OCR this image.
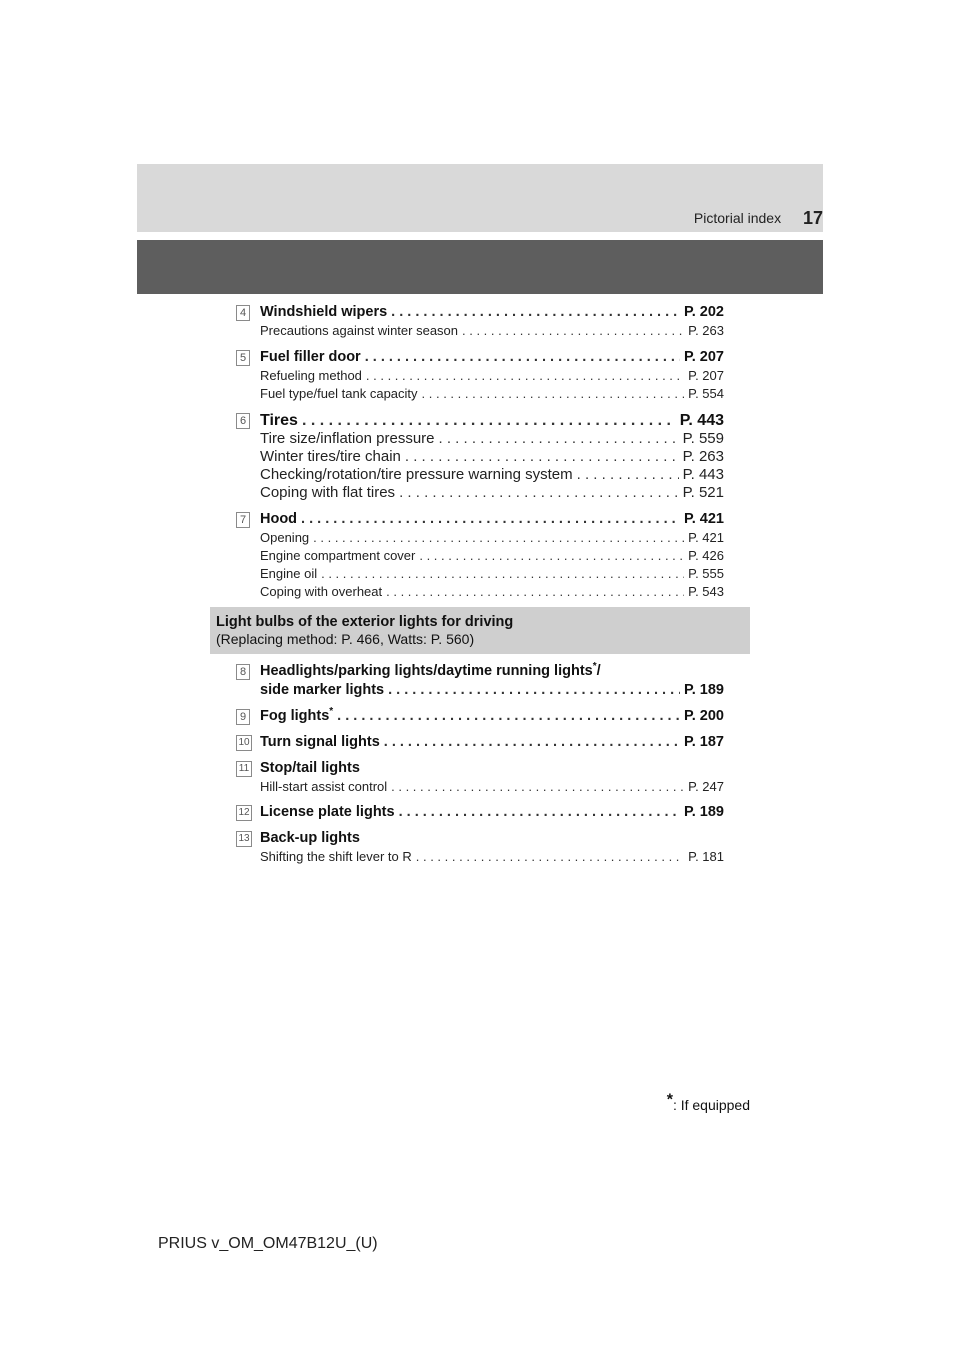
Pictorial index 17
4 Windshield wipers . . .	P. 202
Precautions against winter season . . .	P. 263
5 Fuel filler door . . .	P. 207
Refueling method . . .	P. 207
Fuel type/fuel tank capacity . . .	P. 554
6 Tires . . .	P. 443
Tire size/inflation pressure . . .	P. 559
Winter tires/tire chain . . .	P. 263
Checking/rotation/tire pressure warning system . . .	P. 443
Coping with flat tires . . .	P. 521
7 Hood . . .	P. 421
Opening . . .	P. 421
Engine compartment cover . . .	P. 426
Engine oil . . .	P. 555
Coping with overheat . . .	P. 543
Light bulbs of the exterior lights for driving
(Replacing method: P. 466, Watts: P. 560)
8 Headlights/parking lights/daytime running lights*/
side marker lights . . .	P. 189
9 Fog lights* . . .	P. 200
10 Turn signal lights . . .	P. 187
11 Stop/tail lights
Hill-start assist control . . .	P. 247
12 License plate lights . . .	P. 189
13 Back-up lights
Shifting the shift lever to R . . .	P. 181
*: If equipped
PRIUS v_OM_OM47B12U_(U)
